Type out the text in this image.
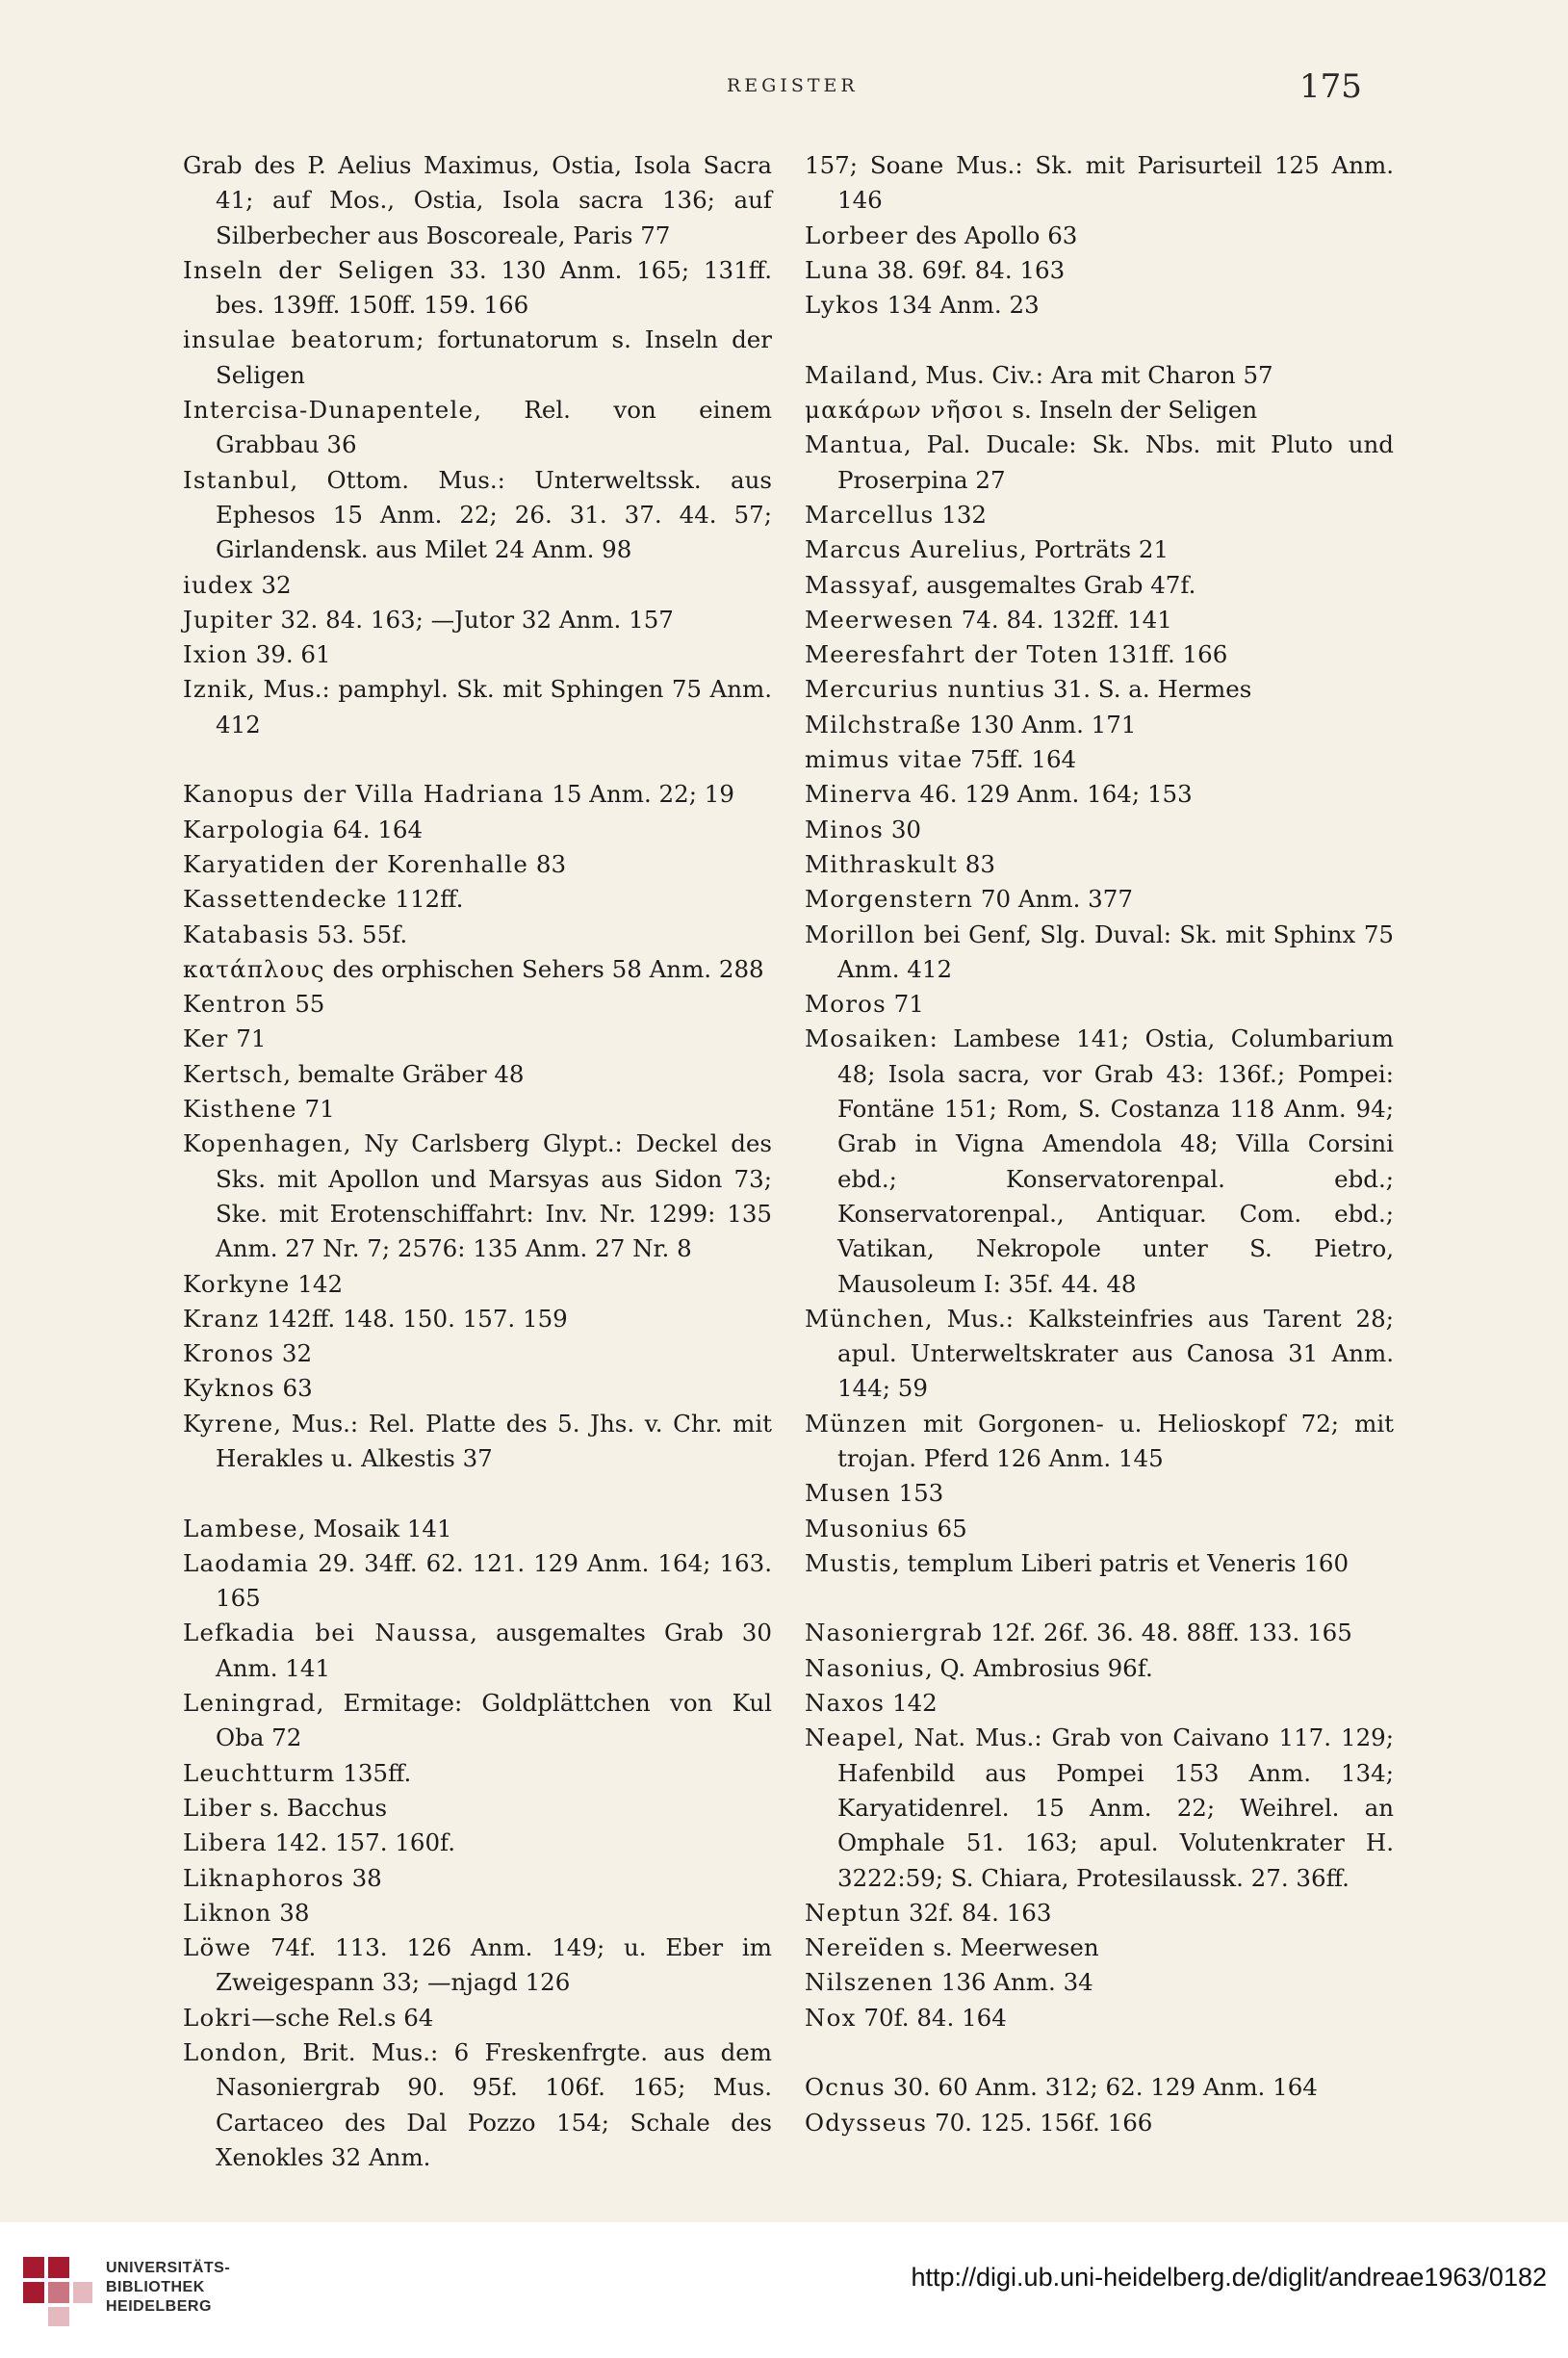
REGISTER	175
Grab des P. Aelius Maximus, Ostia, Isola Sacra 41; auf Mos., Ostia, Isola sacra 136; auf Silberbecher aus Boscoreale, Paris 77
Inseln der Seligen 33. 130 Anm. 165; 131ff. bes. 139ff. 150ff. 159. 166
insulae beatorum; fortunatorum s. Inseln der Seligen
Intercisa-Dunapentele, Rel. von einem Grabbau 36
Istanbul, Ottom. Mus.: Unterweltssk. aus Ephesos 15 Anm. 22; 26. 31. 37. 44. 57; Girlandensk. aus Milet 24 Anm. 98
iudex 32
Jupiter 32. 84. 163; —Jutor 32 Anm. 157
Ixion 39. 61
Iznik, Mus.: pamphyl. Sk. mit Sphingen 75 Anm. 412
Kanopus der Villa Hadriana 15 Anm. 22; 19
Karpologia 64. 164
Karyatiden der Korenhalle 83
Kassettendecke 112ff.
Katabasis 53. 55f.
κατάπλους des orphischen Sehers 58 Anm. 288
Kentron 55
Ker 71
Kertsch, bemalte Gräber 48
Kisthene 71
Kopenhagen, Ny Carlsberg Glypt.: Deckel des Sks. mit Apollon und Marsyas aus Sidon 73; Ske. mit Erotenschiffahrt: Inv. Nr. 1299: 135 Anm. 27 Nr. 7; 2576: 135 Anm. 27 Nr. 8
Korkyne 142
Kranz 142ff. 148. 150. 157. 159
Kronos 32
Kyknos 63
Kyrene, Mus.: Rel. Platte des 5. Jhs. v. Chr. mit Herakles u. Alkestis 37
Lambese, Mosaik 141
Laodamia 29. 34ff. 62. 121. 129 Anm. 164; 163. 165
Lefkadia bei Naussa, ausgemaltes Grab 30 Anm. 141
Leningrad, Ermitage: Goldplättchen von Kul Oba 72
Leuchtturm 135ff.
Liber s. Bacchus
Libera 142. 157. 160f.
Liknaphoros 38
Liknon 38
Löwe 74f. 113. 126 Anm. 149; u. Eber im Zweigespann 33; —njagd 126
Lokri—sche Rel.s 64
London, Brit. Mus.: 6 Freskenfrgte. aus dem Nasoniergrab 90. 95f. 106f. 165; Mus. Cartaceo des Dal Pozzo 154; Schale des Xenokles 32 Anm.
157; Soane Mus.: Sk. mit Parisurteil 125 Anm. 146
Lorbeer des Apollo 63
Luna 38. 69f. 84. 163
Lykos 134 Anm. 23
Mailand, Mus. Civ.: Ara mit Charon 57
μακάρων νῆσοι s. Inseln der Seligen
Mantua, Pal. Ducale: Sk. Nbs. mit Pluto und Proserpina 27
Marcellus 132
Marcus Aurelius, Porträts 21
Massyaf, ausgemaltes Grab 47f.
Meerwesen 74. 84. 132ff. 141
Meeresfahrt der Toten 131ff. 166
Mercurius nuntius 31. S. a. Hermes
Milchstraße 130 Anm. 171
mimus vitae 75ff. 164
Minerva 46. 129 Anm. 164; 153
Minos 30
Mithraskult 83
Morgenstern 70 Anm. 377
Morillon bei Genf, Slg. Duval: Sk. mit Sphinx 75 Anm. 412
Moros 71
Mosaiken: Lambese 141; Ostia, Columbarium 48; Isola sacra, vor Grab 43: 136f.; Pompei: Fontäne 151; Rom, S. Costanza 118 Anm. 94; Grab in Vigna Amendola 48; Villa Corsini ebd.; Konservatorenpal. ebd.; Konservatorenpal., Antiquar. Com. ebd.; Vatikan, Nekropole unter S. Pietro, Mausoleum I: 35f. 44. 48
München, Mus.: Kalksteinfries aus Tarent 28; apul. Unterweltskrater aus Canosa 31 Anm. 144; 59
Münzen mit Gorgonen- u. Helioskopf 72; mit trojan. Pferd 126 Anm. 145
Musen 153
Musonius 65
Mustis, templum Liberi patris et Veneris 160
Nasoniergrab 12f. 26f. 36. 48. 88ff. 133. 165
Nasonius, Q. Ambrosius 96f.
Naxos 142
Neapel, Nat. Mus.: Grab von Caivano 117. 129; Hafenbild aus Pompei 153 Anm. 134; Karyatidenrel. 15 Anm. 22; Weihrel. an Omphale 51. 163; apul. Volutenkrater H. 3222:59; S. Chiara, Protesilaussk. 27. 36ff.
Neptun 32f. 84. 163
Nereïden s. Meerwesen
Nilszenen 136 Anm. 34
Nox 70f. 84. 164
Ocnus 30. 60 Anm. 312; 62. 129 Anm. 164
Odysseus 70. 125. 156f. 166
UNIVERSITÄTS-
BIBLIOTHEK
HEIDELBERG
http://digi.ub.uni-heidelberg.de/diglit/andreae1963/0182
